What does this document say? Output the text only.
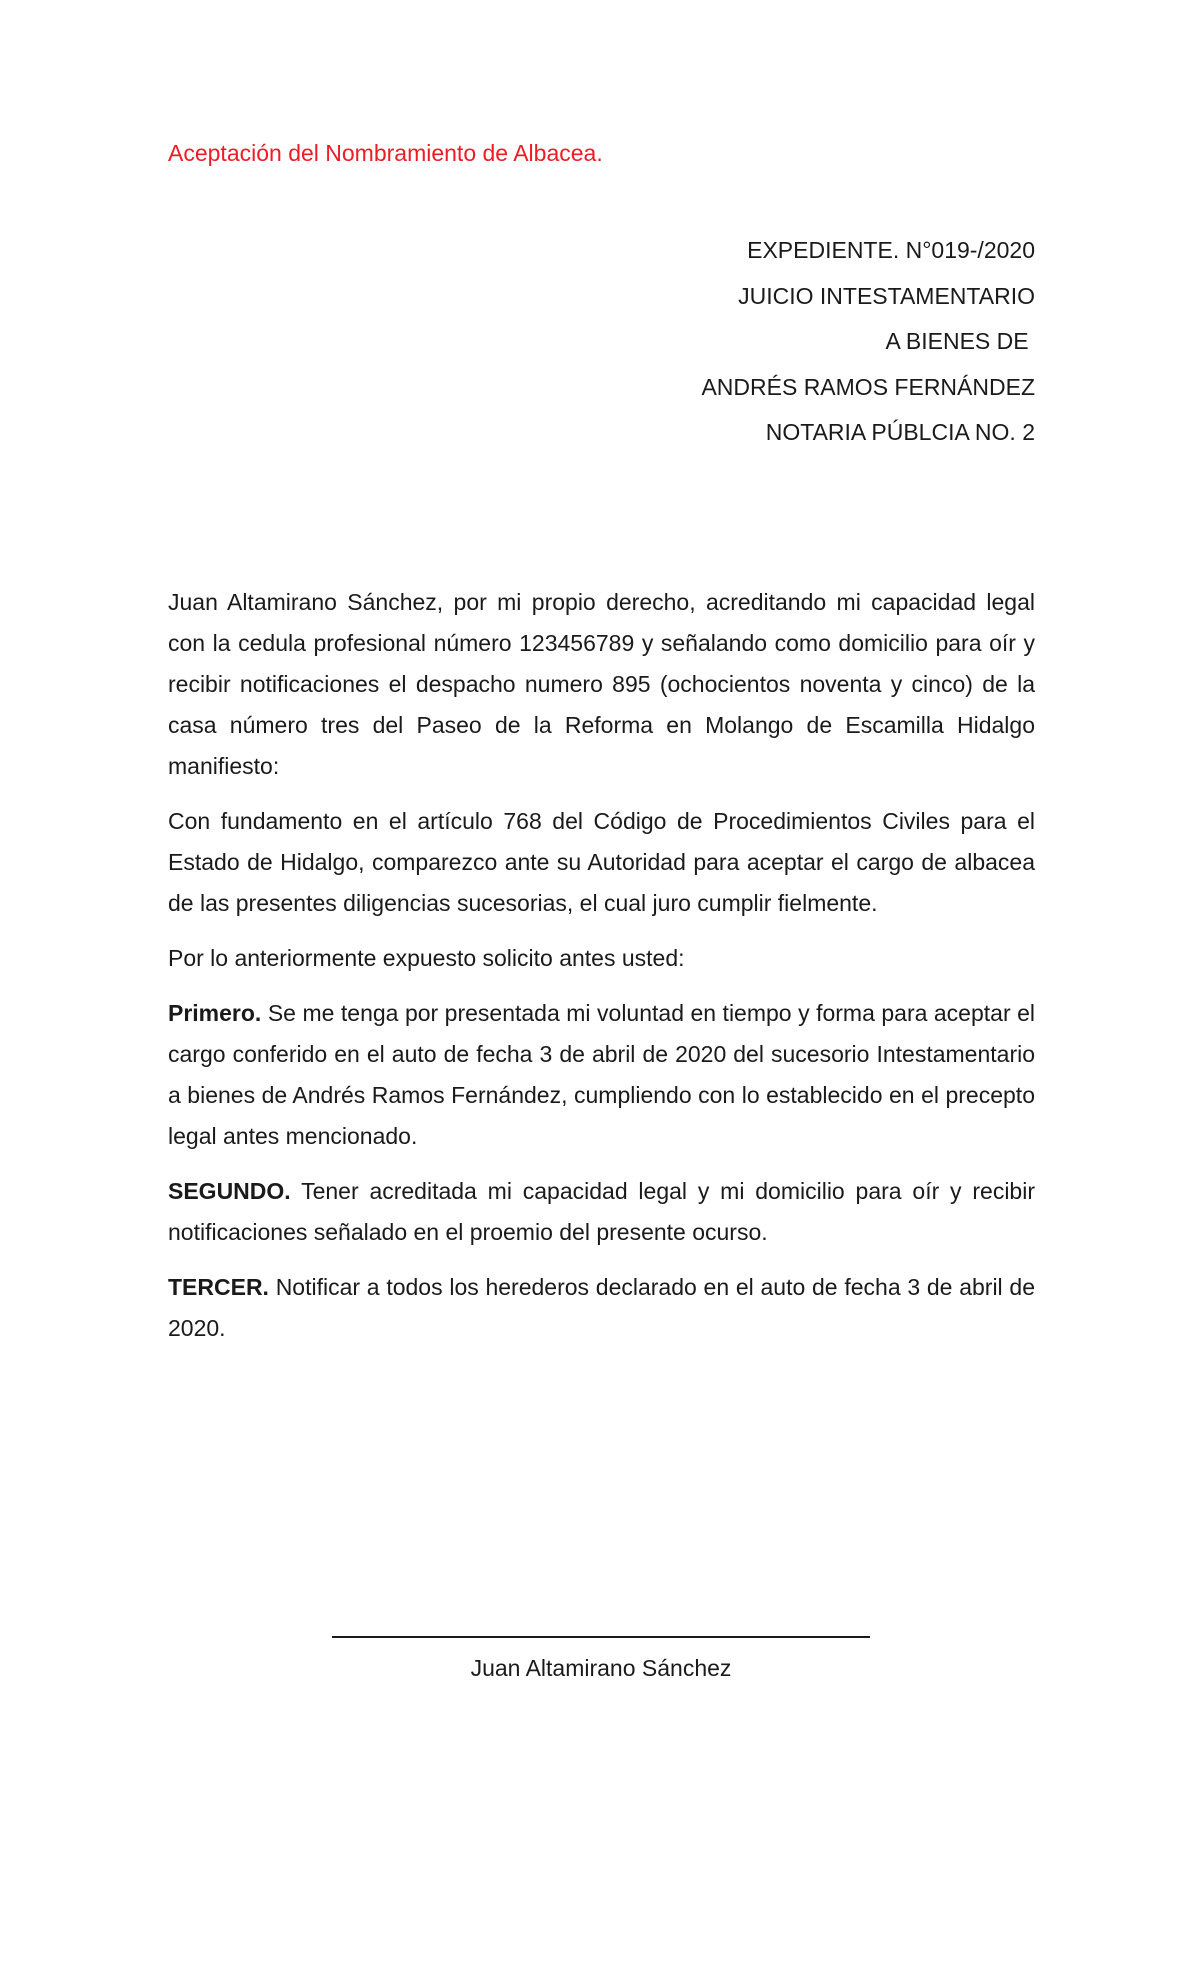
Aceptación del Nombramiento de Albacea.
EXPEDIENTE. N°019-/2020
JUICIO INTESTAMENTARIO
A BIENES DE
ANDRÉS RAMOS FERNÁNDEZ
NOTARIA PÚBLCIA NO. 2

Juan Altamirano Sánchez, por mi propio derecho, acreditando mi capacidad legal con la cedula profesional número 123456789 y señalando como domicilio para oír y recibir notificaciones el despacho numero 895 (ochocientos noventa y cinco) de la casa número tres del Paseo de la Reforma en Molango de Escamilla Hidalgo manifiesto:

Con fundamento en el artículo 768 del Código de Procedimientos Civiles para el Estado de Hidalgo, comparezco ante su Autoridad para aceptar el cargo de albacea de las presentes diligencias sucesorias, el cual juro cumplir fielmente.

Por lo anteriormente expuesto solicito antes usted:

Primero. Se me tenga por presentada mi voluntad en tiempo y forma para aceptar el cargo conferido en el auto de fecha 3 de abril de 2020 del sucesorio Intestamentario a bienes de Andrés Ramos Fernández, cumpliendo con lo establecido en el precepto legal antes mencionado.

SEGUNDO. Tener acreditada mi capacidad legal y mi domicilio para oír y recibir notificaciones señalado en el proemio del presente ocurso.

TERCER. Notificar a todos los herederos declarado en el auto de fecha 3 de abril de 2020.

Juan Altamirano Sánchez
